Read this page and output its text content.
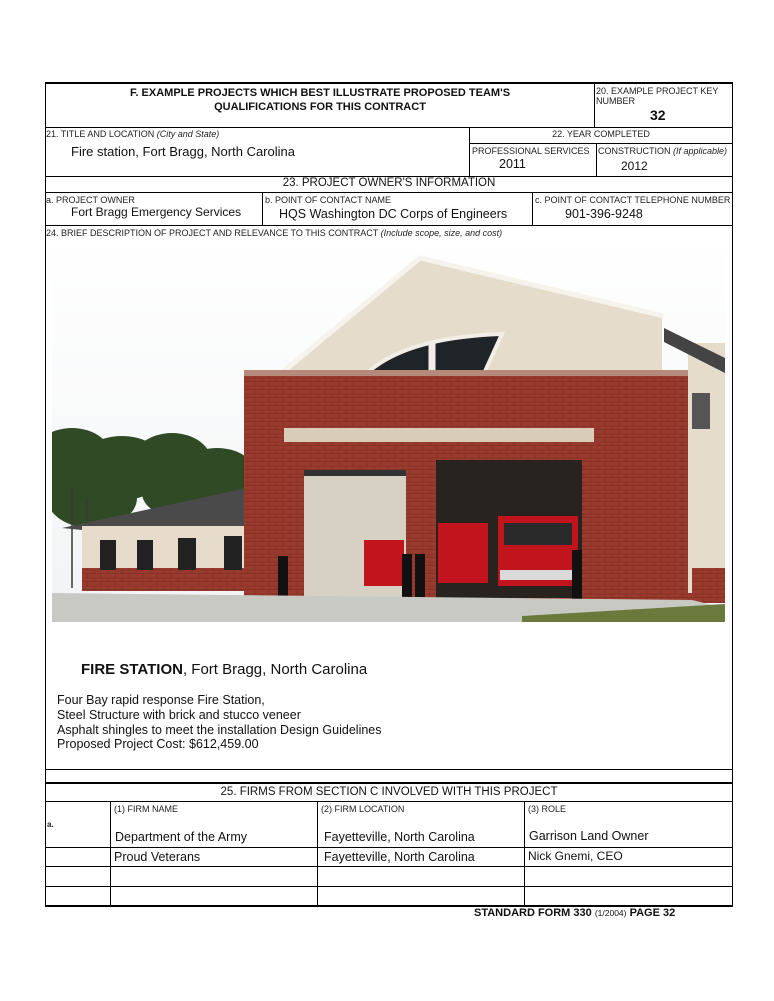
F. EXAMPLE PROJECTS WHICH BEST ILLUSTRATE PROPOSED TEAM'S
QUALIFICATIONS FOR THIS CONTRACT
20. EXAMPLE PROJECT KEY
NUMBER
32
21. TITLE AND LOCATION (City and State)
Fire station, Fort Bragg, North Carolina
22. YEAR COMPLETED
PROFESSIONAL SERVICES
2011
CONSTRUCTION (If applicable)
2012
23. PROJECT OWNER'S INFORMATION
a. PROJECT OWNER
Fort Bragg Emergency Services
b. POINT OF CONTACT NAME
HQS Washington DC Corps of Engineers
c. POINT OF CONTACT TELEPHONE NUMBER
901-396-9248
24. BRIEF DESCRIPTION OF PROJECT AND RELEVANCE TO THIS CONTRACT (Include scope, size, and cost)
FIRE STATION, Fort Bragg, North Carolina
Four Bay rapid response Fire Station,
Steel Structure with brick and stucco veneer
Asphalt shingles to meet the installation Design Guidelines
Proposed Project Cost: $612,459.00
25. FIRMS FROM SECTION C INVOLVED WITH THIS PROJECT
(1) FIRM NAME	(2) FIRM LOCATION	(3) ROLE
a.
Department of the Army	Fayetteville, North Carolina	Garrison Land Owner
Proud Veterans	Fayetteville, North Carolina	Nick Gnemi, CEO
STANDARD FORM 330 (1/2004) PAGE 32
